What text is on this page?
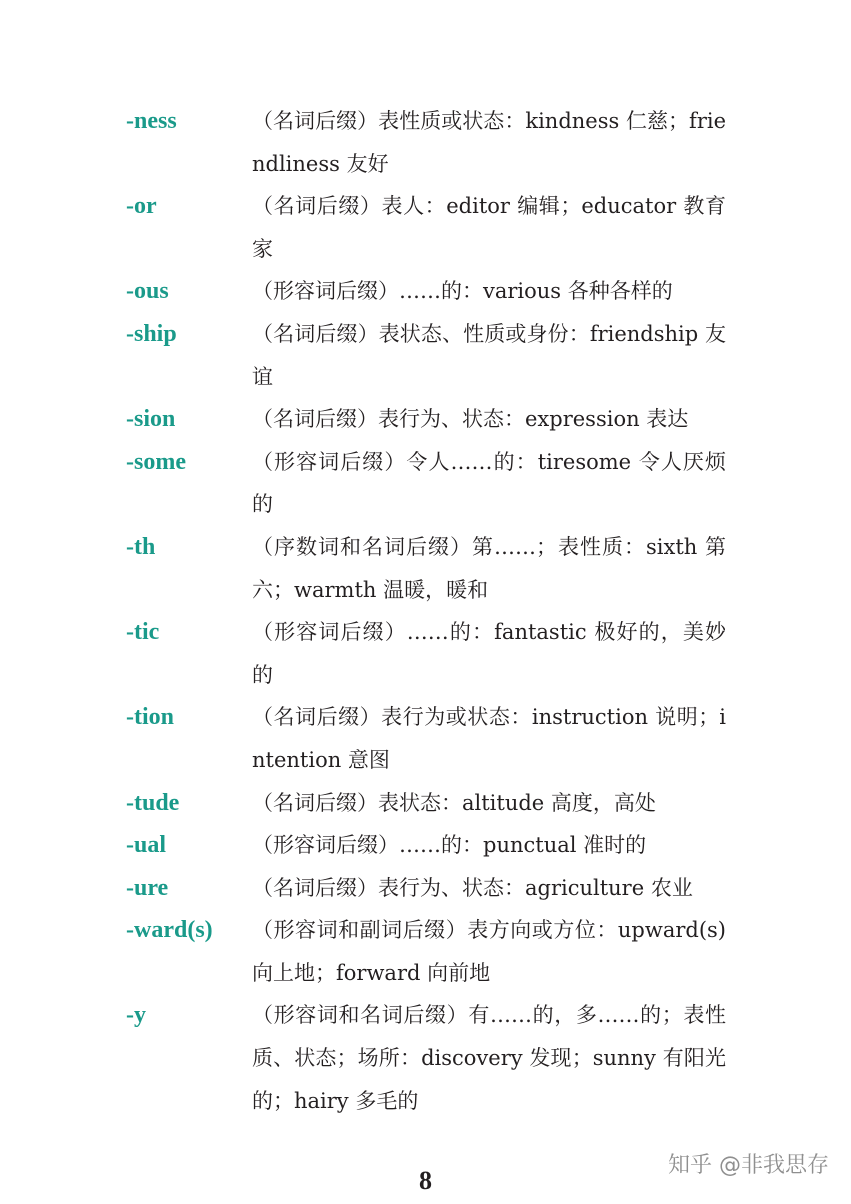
-ness	（名词后缀）表性质或状态：kindness 仁慈；friendliness 友好
-or	（名词后缀）表人：editor 编辑；educator 教育家
-ous	（形容词后缀）……的：various 各种各样的
-ship	（名词后缀）表状态、性质或身份：friendship 友谊
-sion	（名词后缀）表行为、状态：expression 表达
-some	（形容词后缀）令人……的：tiresome 令人厌烦的
-th	（序数词和名词后缀）第……；表性质：sixth 第六；warmth 温暖，暖和
-tic	（形容词后缀）……的：fantastic 极好的，美妙的
-tion	（名词后缀）表行为或状态：instruction 说明；intention 意图
-tude	（名词后缀）表状态：altitude 高度，高处
-ual	（形容词后缀）……的：punctual 准时的
-ure	（名词后缀）表行为、状态：agriculture 农业
-ward(s)	（形容词和副词后缀）表方向或方位：upward(s) 向上地；forward 向前地
-y	（形容词和名词后缀）有……的，多……的；表性质、状态；场所：discovery 发现；sunny 有阳光的；hairy 多毛的
知乎 @非我思存
8
